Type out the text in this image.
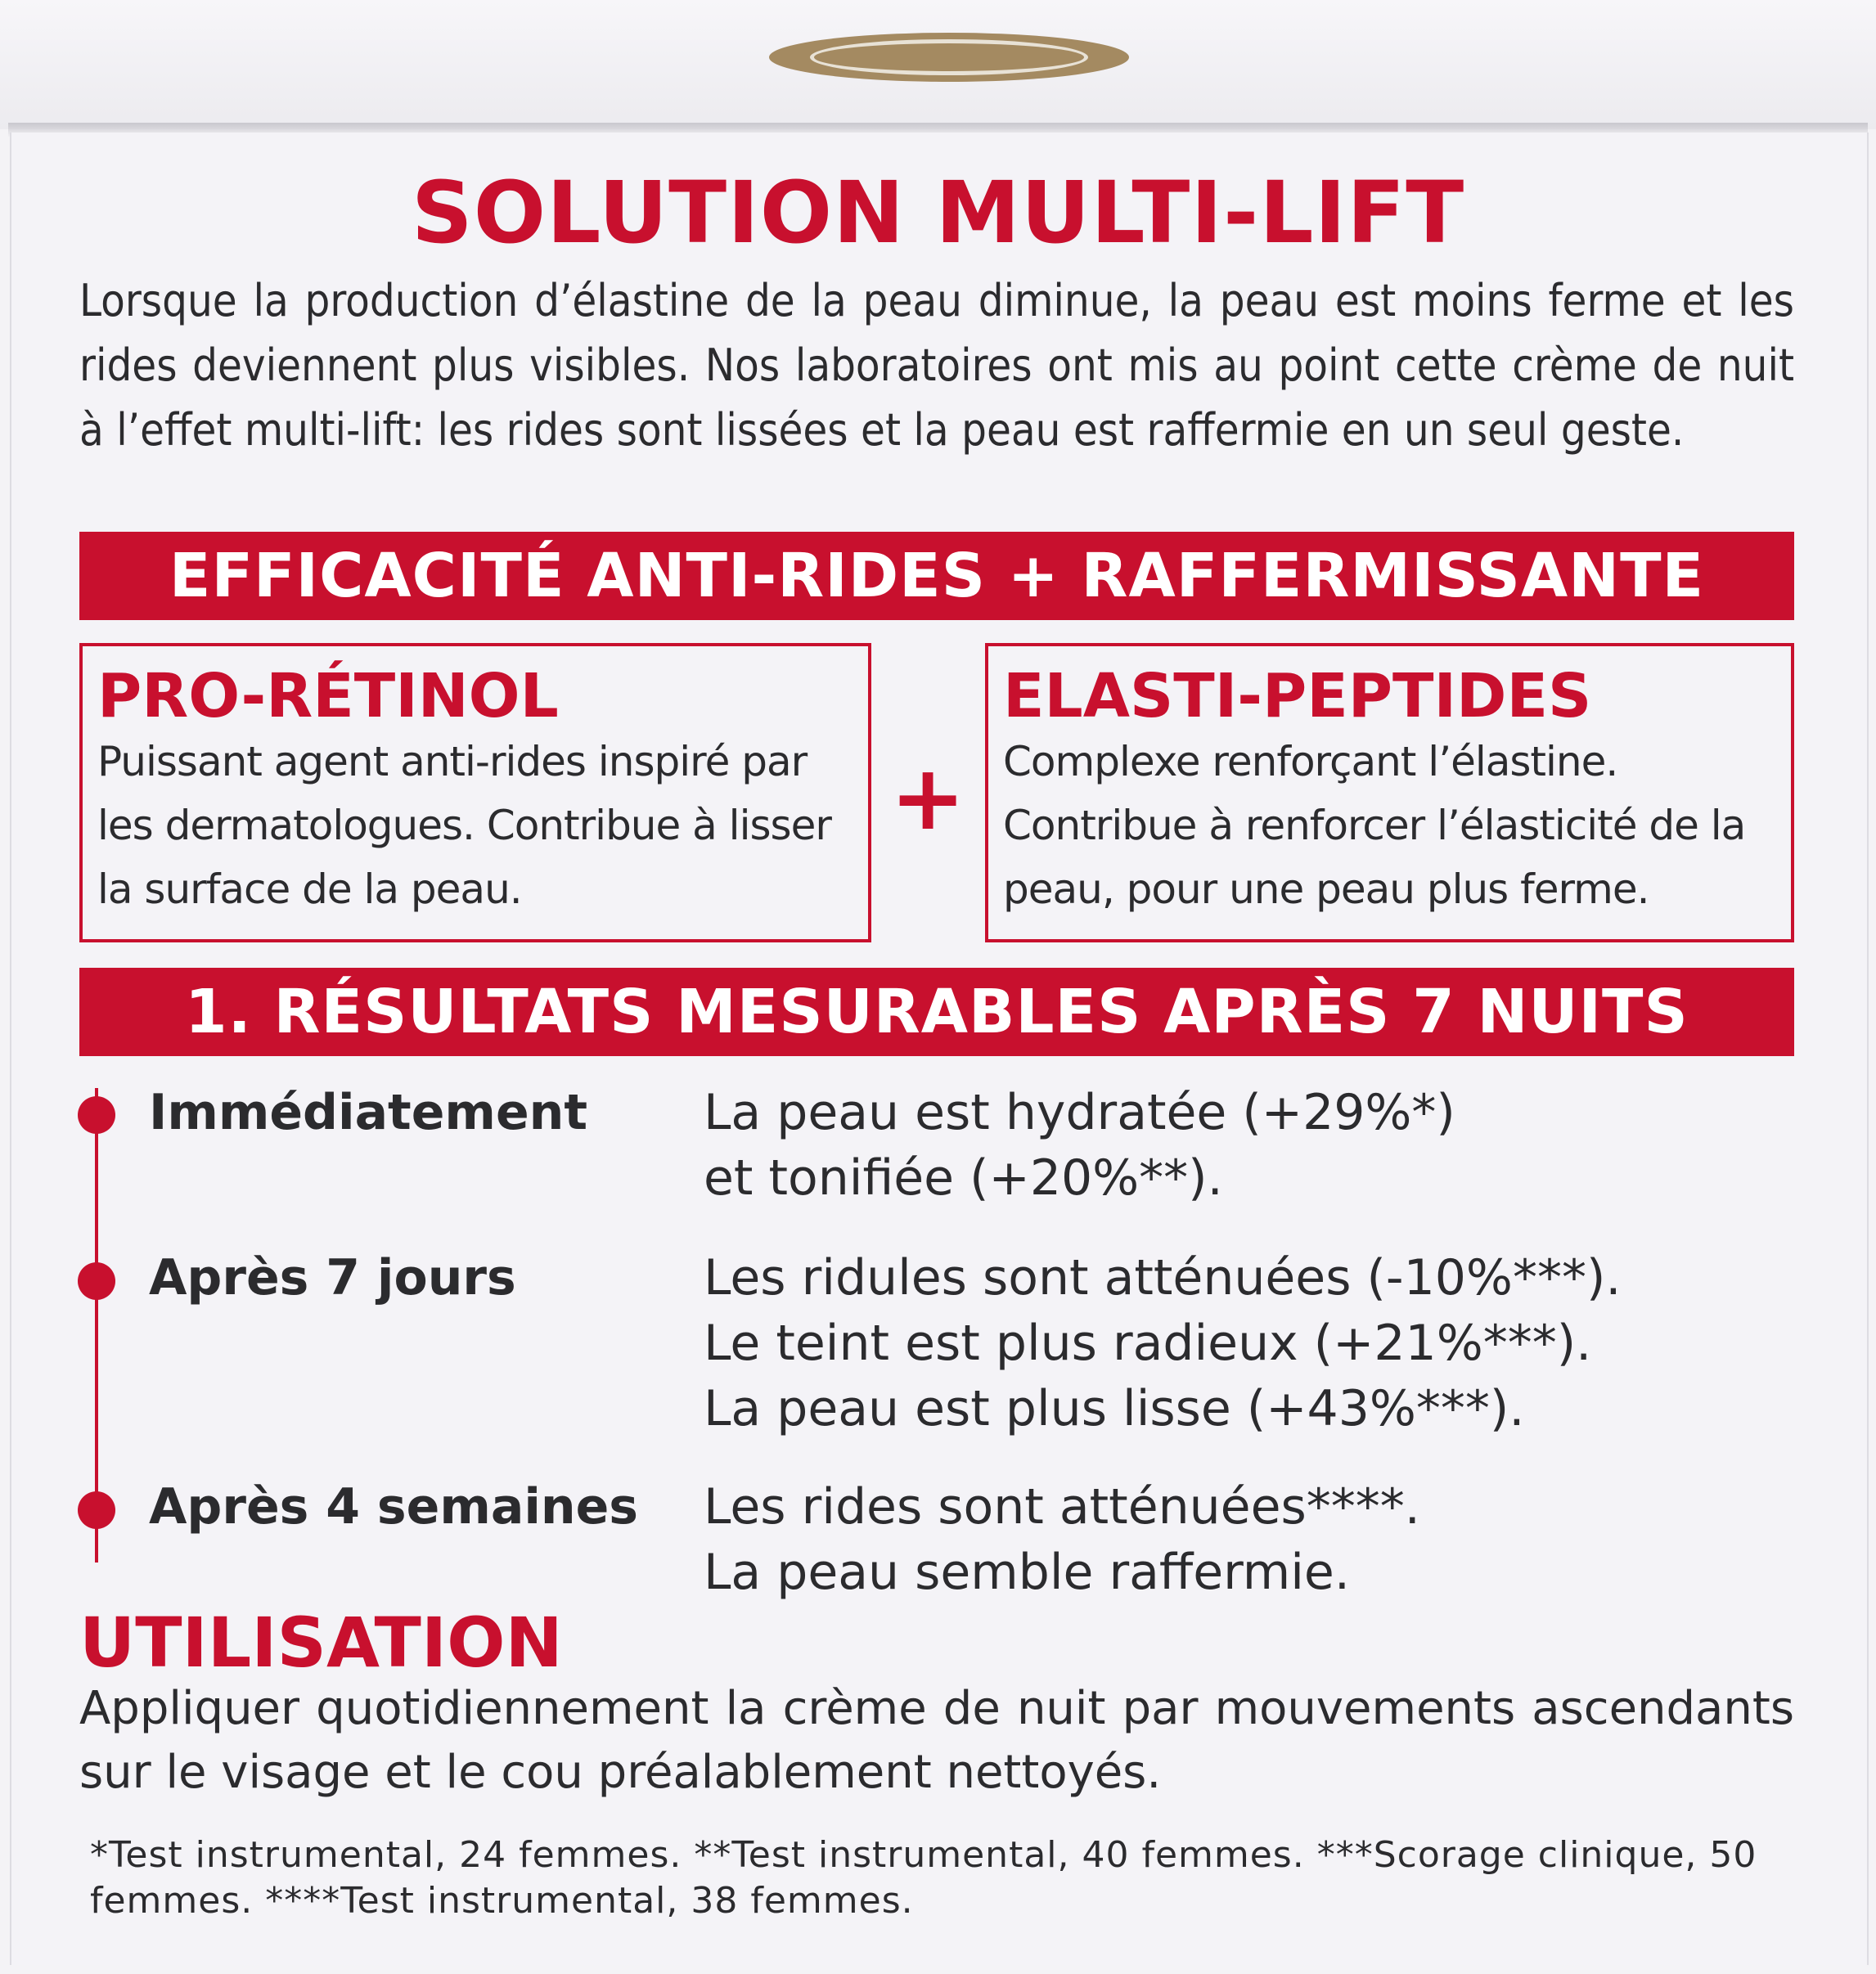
SOLUTION MULTI-LIFT
Lorsque la production d’élastine de la peau diminue, la peau est moins ferme et les rides deviennent plus visibles. Nos laboratoires ont mis au point cette crème de nuit à l’effet multi-lift: les rides sont lissées et la peau est raffermie en un seul geste.
EFFICACITÉ ANTI-RIDES + RAFFERMISSANTE
PRO-RÉTINOL

Puissant agent anti-rides inspiré par les dermatologues. Contribue à lisser la surface de la peau.

+
ELASTI-PEPTIDES

Complexe renforçant l’élastine. Contribue à renforcer l’élasticité de la peau, pour une peau plus ferme.

1. RÉSULTATS MESURABLES APRÈS 7 NUITS
Immédiatement La peau est hydratée (+29%*)
et tonifiée (+20%**).
Après 7 jours	Les ridules sont atténuées (-10%***).
Le teint est plus radieux (+21%***).
La peau est plus lisse (+43%***).
Après 4 semaines Les rides sont atténuées****.
La peau semble raffermie.
UTILISATION
Appliquer quotidiennement la crème de nuit par mouvements ascendants sur le visage et le cou préalablement nettoyés.
*Test instrumental, 24 femmes. **Test instrumental, 40 femmes. ***Scorage clinique, 50 femmes. ****Test instrumental, 38 femmes.
